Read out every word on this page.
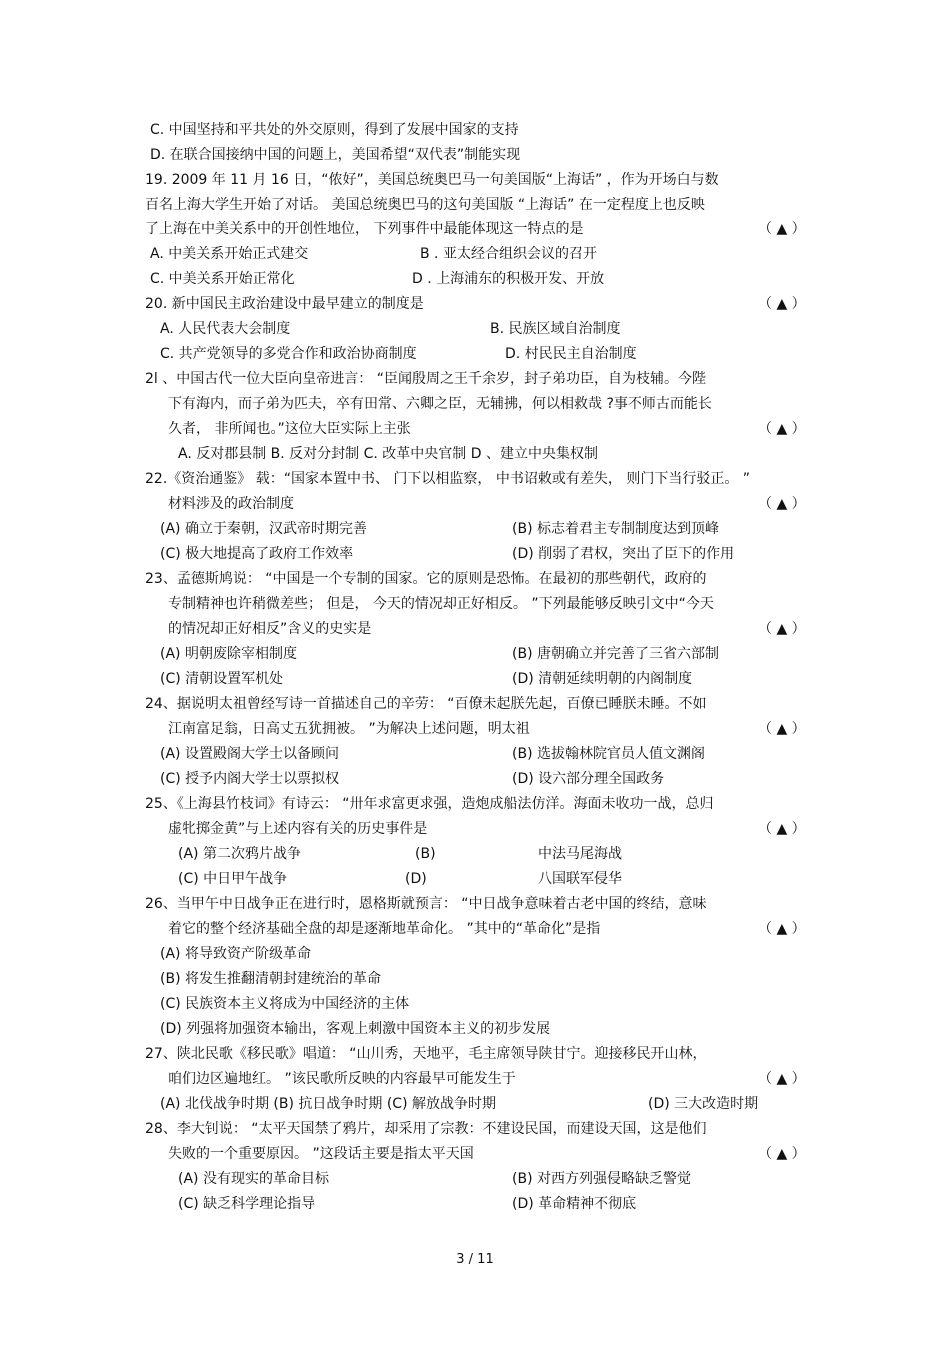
C. 中国坚持和平共处的外交原则，得到了发展中国家的支持
D. 在联合国接纳中国的问题上，美国希望“双代表”制能实现
19. 2009 年 11 月 16 日，“侬好”，美国总统奥巴马一句美国版“上海话” ，作为开场白与数
百名上海大学生开始了对话。 美国总统奥巴马的这句美国版 “上海话” 在一定程度上也反映
了上海在中美关系中的开创性地位， 下列事件中最能体现这一特点的是	（ ▲ ）
A. 中美关系开始正式建交	B . 亚太经合组织会议的召开
C. 中美关系开始正常化	D . 上海浦东的积极开发、开放
20. 新中国民主政治建设中最早建立的制度是	（ ▲ ）
A. 人民代表大会制度	B. 民族区域自治制度
C. 共产党领导的多党合作和政治协商制度	D. 村民民主自治制度
2l 、中国古代一位大臣向皇帝进言： “臣闻殷周之王千余岁，封子弟功臣，自为枝辅。今陛
下有海内，而子弟为匹夫，卒有田常、六卿之臣，无辅拂，何以相救哉 ?事不师古而能长
久者， 非所闻也。”这位大臣实际上主张	（ ▲ ）
A. 反对郡县制 B. 反对分封制 C. 改革中央官制 D 、建立中央集权制
22.《资治通鉴》 载：“国家本置中书、 门下以相监察， 中书诏敕或有差失， 则门下当行驳正。 ”
材料涉及的政治制度	（ ▲ ）
(A) 确立于秦朝，汉武帝时期完善	(B) 标志着君主专制制度达到顶峰
(C) 极大地提高了政府工作效率	(D) 削弱了君权，突出了臣下的作用
23、孟德斯鸠说： “中国是一个专制的国家。它的原则是恐怖。在最初的那些朝代，政府的
专制精神也许稍微差些； 但是， 今天的情况却正好相反。 ”下列最能够反映引文中“今天
的情况却正好相反”含义的史实是	（ ▲ ）
(A) 明朝废除宰相制度	(B) 唐朝确立并完善了三省六部制
(C) 清朝设置军机处	(D) 清朝延续明朝的内阁制度
24、据说明太祖曾经写诗一首描述自己的辛劳： “百僚未起朕先起，百僚已睡朕未睡。不如
江南富足翁，日高丈五犹拥被。 ”为解决上述问题，明太祖	（ ▲ ）
(A) 设置殿阁大学士以备顾问	(B) 选拔翰林院官员人值文渊阁
(C) 授予内阁大学士以票拟权	(D) 设六部分理全国政务
25、《上海县竹枝词》有诗云： “卅年求富更求强，造炮成船法仿洋。海面未收功一战，总归
虚牝掷金黄”与上述内容有关的历史事件是	（ ▲ ）
(A) 第二次鸦片战争	(B)	中法马尾海战
(C) 中日甲午战争	(D)	八国联军侵华
26、当甲午中日战争正在进行时，恩格斯就预言： “中日战争意味着古老中国的终结，意味
着它的整个经济基础全盘的却是逐渐地革命化。 ”其中的“革命化”是指	（ ▲ ）
(A) 将导致资产阶级革命
(B) 将发生推翻清朝封建统治的革命
(C) 民族资本主义将成为中国经济的主体
(D) 列强将加强资本输出，客观上刺激中国资本主义的初步发展
27、陕北民歌《移民歌》唱道： “山川秀，天地平，毛主席领导陕甘宁。迎接移民开山林，
咱们边区遍地红。 ”该民歌所反映的内容最早可能发生于	（ ▲ ）
(A) 北伐战争时期 (B) 抗日战争时期 (C) 解放战争时期	(D) 三大改造时期
28、李大钊说： “太平天国禁了鸦片，却采用了宗教：不建设民国，而建设天国，这是他们
失败的一个重要原因。 ”这段话主要是指太平天国	（ ▲ ）
(A) 没有现实的革命目标	(B) 对西方列强侵略缺乏警觉
(C) 缺乏科学理论指导	(D) 革命精神不彻底
3 / 11
